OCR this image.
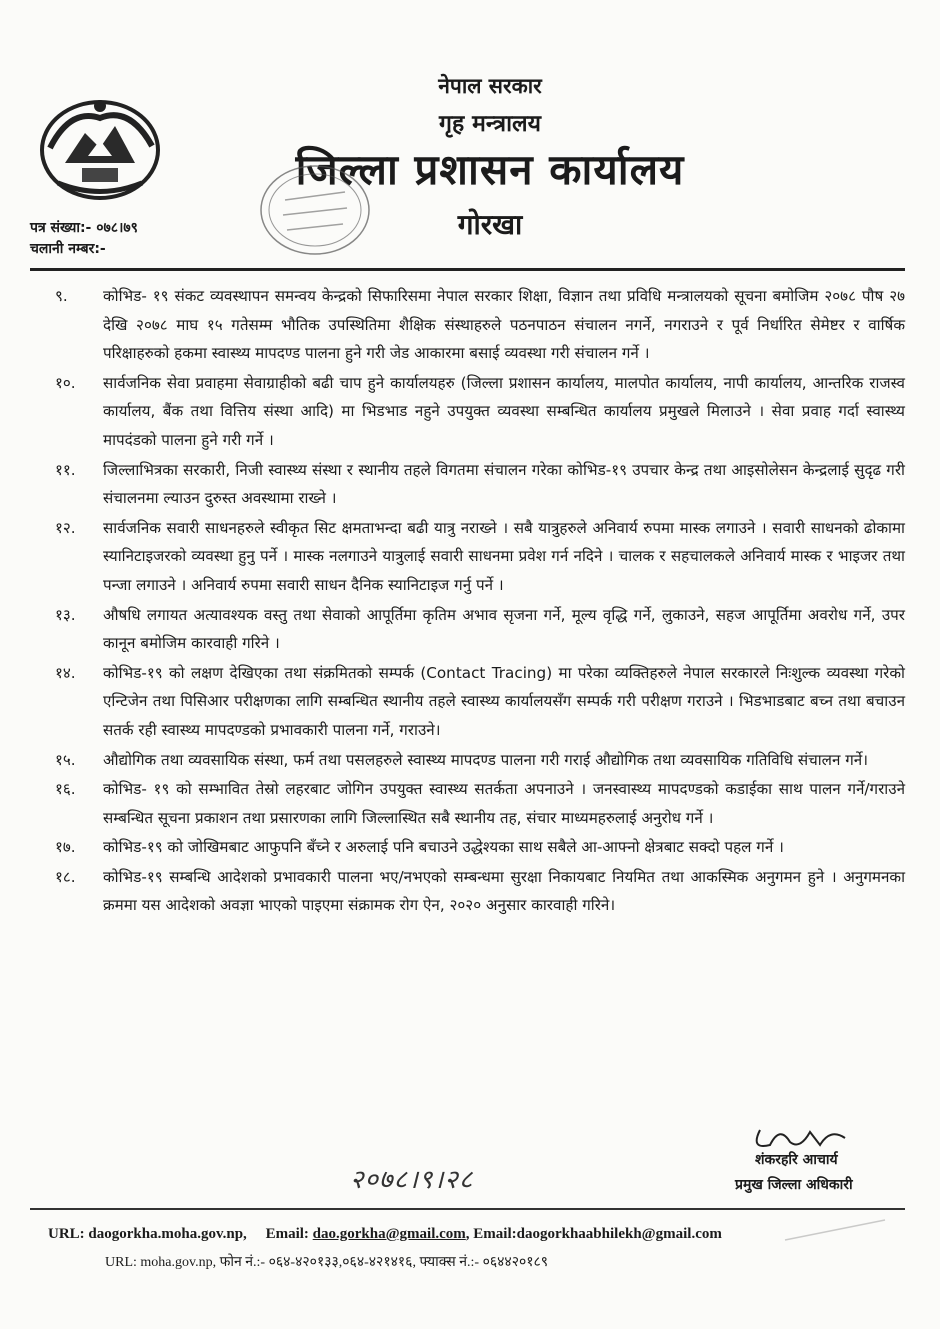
नेपाल सरकार
गृह मन्त्रालय
जिल्ला प्रशासन कार्यालय
गोरखा
पत्र संख्या:- ०७८।७९
चलानी नम्बर:-
९.	कोभिड- १९ संकट व्यवस्थापन समन्वय केन्द्रको सिफारिसमा नेपाल सरकार शिक्षा, विज्ञान तथा प्रविधि मन्त्रालयको सूचना बमोजिम २०७८ पौष २७ देखि २०७८ माघ १५ गतेसम्म भौतिक उपस्थितिमा शैक्षिक संस्थाहरुले पठनपाठन संचालन नगर्ने, नगराउने र पूर्व निर्धारित सेमेष्टर र वार्षिक परिक्षाहरुको हकमा स्वास्थ्य मापदण्ड पालना हुने गरी जेड आकारमा बसाई व्यवस्था गरी संचालन गर्ने ।
१०.	सार्वजनिक सेवा प्रवाहमा सेवाग्राहीको बढी चाप हुने कार्यालयहरु (जिल्ला प्रशासन कार्यालय, मालपोत कार्यालय, नापी कार्यालय, आन्तरिक राजस्व कार्यालय, बैंक तथा वित्तिय संस्था आदि) मा भिडभाड नहुने उपयुक्त व्यवस्था सम्बन्धित कार्यालय प्रमुखले मिलाउने । सेवा प्रवाह गर्दा स्वास्थ्य मापदंडको पालना हुने गरी गर्ने ।
११.	जिल्लाभित्रका सरकारी, निजी स्वास्थ्य संस्था र स्थानीय तहले विगतमा संचालन गरेका कोभिड-१९ उपचार केन्द्र तथा आइसोलेसन केन्द्रलाई सुदृढ गरी संचालनमा ल्याउन दुरुस्त अवस्थामा राख्ने ।
१२.	सार्वजनिक सवारी साधनहरुले स्वीकृत सिट क्षमताभन्दा बढी यात्रु नराख्ने । सबै यात्रुहरुले अनिवार्य रुपमा मास्क लगाउने । सवारी साधनको ढोकामा स्यानिटाइजरको व्यवस्था हुनु पर्ने । मास्क नलगाउने यात्रुलाई सवारी साधनमा प्रवेश गर्न नदिने । चालक र सहचालकले अनिवार्य मास्क र भाइजर तथा पन्जा लगाउने । अनिवार्य रुपमा सवारी साधन दैनिक स्यानिटाइज गर्नु पर्ने ।
१३.	औषधि लगायत अत्यावश्यक वस्तु तथा सेवाको आपूर्तिमा कृतिम अभाव सृजना गर्ने, मूल्य वृद्धि गर्ने, लुकाउने, सहज आपूर्तिमा अवरोध गर्ने, उपर कानून बमोजिम कारवाही गरिने ।
१४.	कोभिड-१९ को लक्षण देखिएका तथा संक्रमितको सम्पर्क (Contact Tracing) मा परेका व्यक्तिहरुले नेपाल सरकारले निःशुल्क व्यवस्था गरेको एन्टिजेन तथा पिसिआर परीक्षणका लागि सम्बन्धित स्थानीय तहले स्वास्थ्य कार्यालयसँग सम्पर्क गरी परीक्षण गराउने । भिडभाडबाट बच्न तथा बचाउन सतर्क रही स्वास्थ्य मापदण्डको प्रभावकारी पालना गर्ने, गराउने।
१५.	औद्योगिक तथा व्यवसायिक संस्था, फर्म तथा पसलहरुले स्वास्थ्य मापदण्ड पालना गरी गराई औद्योगिक तथा व्यवसायिक गतिविधि संचालन गर्ने।
१६.	कोभिड- १९ को सम्भावित तेस्रो लहरबाट जोगिन उपयुक्त स्वास्थ्य सतर्कता अपनाउने । जनस्वास्थ्य मापदण्डको कडाईका साथ पालन गर्ने/गराउने सम्बन्धित सूचना प्रकाशन तथा प्रसारणका लागि जिल्लास्थित सबै स्थानीय तह, संचार माध्यमहरुलाई अनुरोध गर्ने ।
१७.	कोभिड-१९ को जोखिमबाट आफुपनि बँच्ने र अरुलाई पनि बचाउने उद्धेश्यका साथ सबैले आ-आफ्नो क्षेत्रबाट सक्दो पहल गर्ने ।
१८.	कोभिड-१९ सम्बन्धि आदेशको प्रभावकारी पालना भए/नभएको सम्बन्धमा सुरक्षा निकायबाट नियमित तथा आकस्मिक अनुगमन हुने । अनुगमनका क्रममा यस आदेशको अवज्ञा भाएको पाइएमा संक्रामक रोग ऐन, २०२० अनुसार कारवाही गरिने।
२०७८।९।२८
शंकरहरि आचार्य
प्रमुख जिल्ला अधिकारी
URL: daogorkha.moha.gov.np, Email: dao.gorkha@gmail.com, Email:daogorkhaabhilekh@gmail.com
URL: moha.gov.np, फोन नं.:- ०६४-४२०१३३,०६४-४२१४१६, फ्याक्स नं.:- ०६४४२०१८९
